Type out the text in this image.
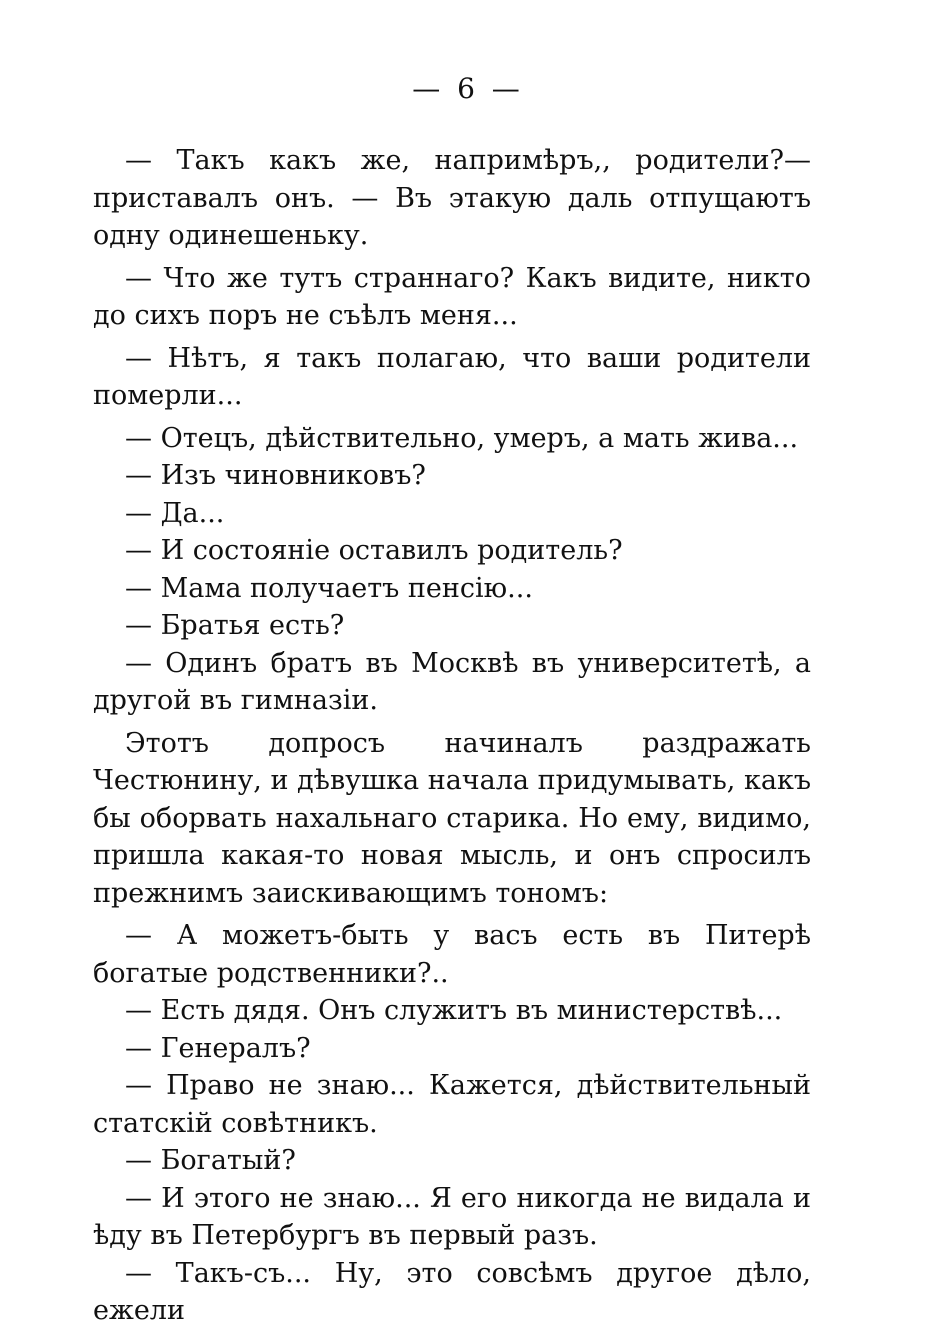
— 6 —

— Такъ какъ же, напримѣръ,, родители?—приставалъ онъ. — Въ этакую даль отпущаютъ одну одинешеньку.

— Что же тутъ страннаго? Какъ видите, никто до сихъ поръ не съѣлъ меня...

— Нѣтъ, я такъ полагаю, что ваши родители померли...

— Отецъ, дѣйствительно, умеръ, а мать жива...

— Изъ чиновниковъ?

— Да...

— И состояніе оставилъ родитель?

— Мама получаетъ пенсію...

— Братья есть?

— Одинъ братъ въ Москвѣ въ университетѣ, а другой въ гимназіи.

Этотъ допросъ начиналъ раздражать Честюнину, и дѣвушка начала придумывать, какъ бы оборвать нахальнаго старика. Но ему, видимо, пришла какая-то новая мысль, и онъ спросилъ прежнимъ заискивающимъ тономъ:

— А можетъ-быть у васъ есть въ Питерѣ богатые родственники?..

— Есть дядя. Онъ служитъ въ министерствѣ...

— Генералъ?

— Право не знаю... Кажется, дѣйствительный статскій совѣтникъ.

— Богатый?

— И этого не знаю... Я его никогда не видала и ѣду въ Петербургъ въ первый разъ.

— Такъ-съ... Ну, это совсѣмъ другое дѣло, ежели
